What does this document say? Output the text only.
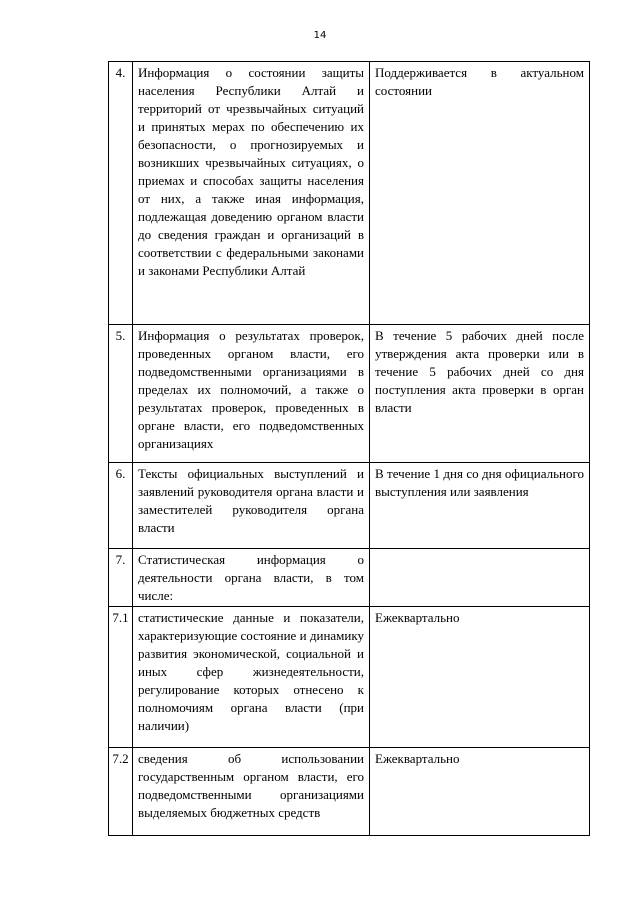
14
4.	Информация о состоянии защиты населения Республики Алтай и территорий от чрезвычайных ситуаций и принятых мерах по обеспечению их безопасности, о прогнозируемых и возникших чрезвычайных ситуациях, о приемах и способах защиты населения от них, а также иная информация, подлежащая доведению органом власти до сведения граждан и организаций в соответствии с федеральными законами и законами Республики Алтай	Поддерживается в актуальном состоянии
5.	Информация о результатах проверок, проведенных органом власти, его подведомственными организациями в пределах их полномочий, а также о результатах проверок, проведенных в органе власти, его подведомственных организациях	В течение 5 рабочих дней после утверждения акта проверки или в течение 5 рабочих дней со дня поступления акта проверки в орган власти
6.	Тексты официальных выступлений и заявлений руководителя органа власти и заместителей руководителя органа власти	В течение 1 дня со дня официального выступления или заявления
7.	Статистическая информация о деятельности органа власти, в том числе:	
7.1	статистические данные и показатели, характеризующие состояние и динамику развития экономической, социальной и иных сфер жизнедеятельности, регулирование которых отнесено к полномочиям органа власти (при наличии)	Ежеквартально
7.2	сведения об использовании государственным органом власти, его подведомственными организациями выделяемых бюджетных средств	Ежеквартально
